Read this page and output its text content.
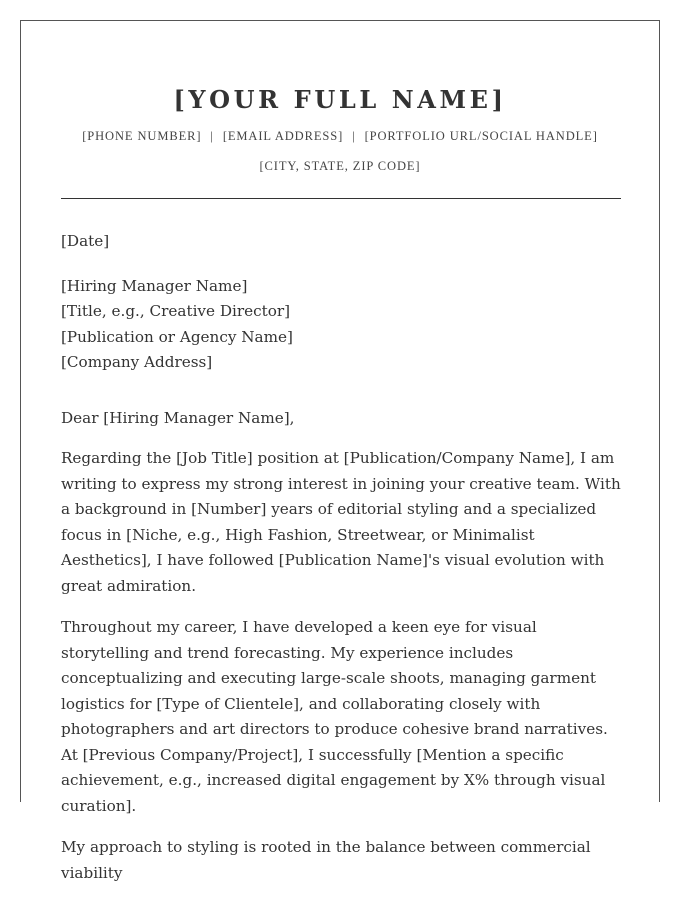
[YOUR FULL NAME]
[PHONE NUMBER] | [EMAIL ADDRESS] | [PORTFOLIO URL/SOCIAL HANDLE]
[CITY, STATE, ZIP CODE]

[Date]

[Hiring Manager Name]
[Title, e.g., Creative Director]
[Publication or Agency Name]
[Company Address]

Dear [Hiring Manager Name],

Regarding the [Job Title] position at [Publication/Company Name], I am writing to express my strong interest in joining your creative team. With a background in [Number] years of editorial styling and a specialized focus in [Niche, e.g., High Fashion, Streetwear, or Minimalist Aesthetics], I have followed [Publication Name]'s visual evolution with great admiration.

Throughout my career, I have developed a keen eye for visual storytelling and trend forecasting. My experience includes conceptualizing and executing large-scale shoots, managing garment logistics for [Type of Clientele], and collaborating closely with photographers and art directors to produce cohesive brand narratives. At [Previous Company/Project], I successfully [Mention a specific achievement, e.g., increased digital engagement by X% through visual curation].

My approach to styling is rooted in the balance between commercial viability
